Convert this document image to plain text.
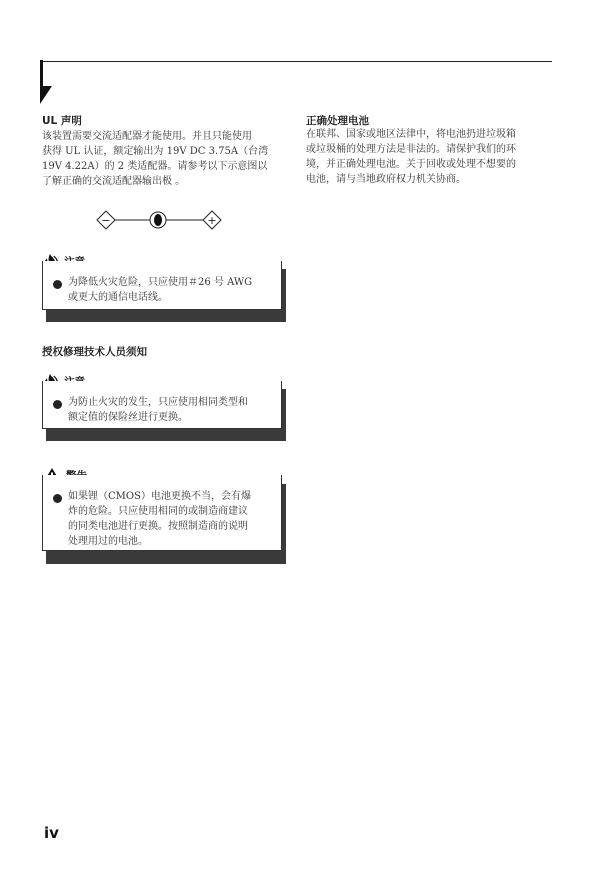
UL 声明
该装置需要交流适配器才能使用。并且只能使用
获得 UL 认证，额定输出为 19V DC 3.75A（台湾
19V 4.22A）的 2 类适配器。请参考以下示意图以
了解正确的交流适配器输出极 。
−	+
为降低火灾危险，只应使用＃26 号 AWG
或更大的通信电话线。
授权修理技术人员须知
为防止火灾的发生，只应使用相同类型和
额定值的保险丝进行更换。
如果锂（CMOS）电池更换不当，会有爆
炸的危险。只应使用相同的或制造商建议
的同类电池进行更换。按照制造商的说明
处理用过的电池。
正确处理电池
在联邦、国家或地区法律中，将电池扔进垃圾箱
或垃圾桶的处理方法是非法的。请保护我们的环
境，并正确处理电池。关于回收或处理不想要的
电池，请与当地政府权力机关协商。
iv
